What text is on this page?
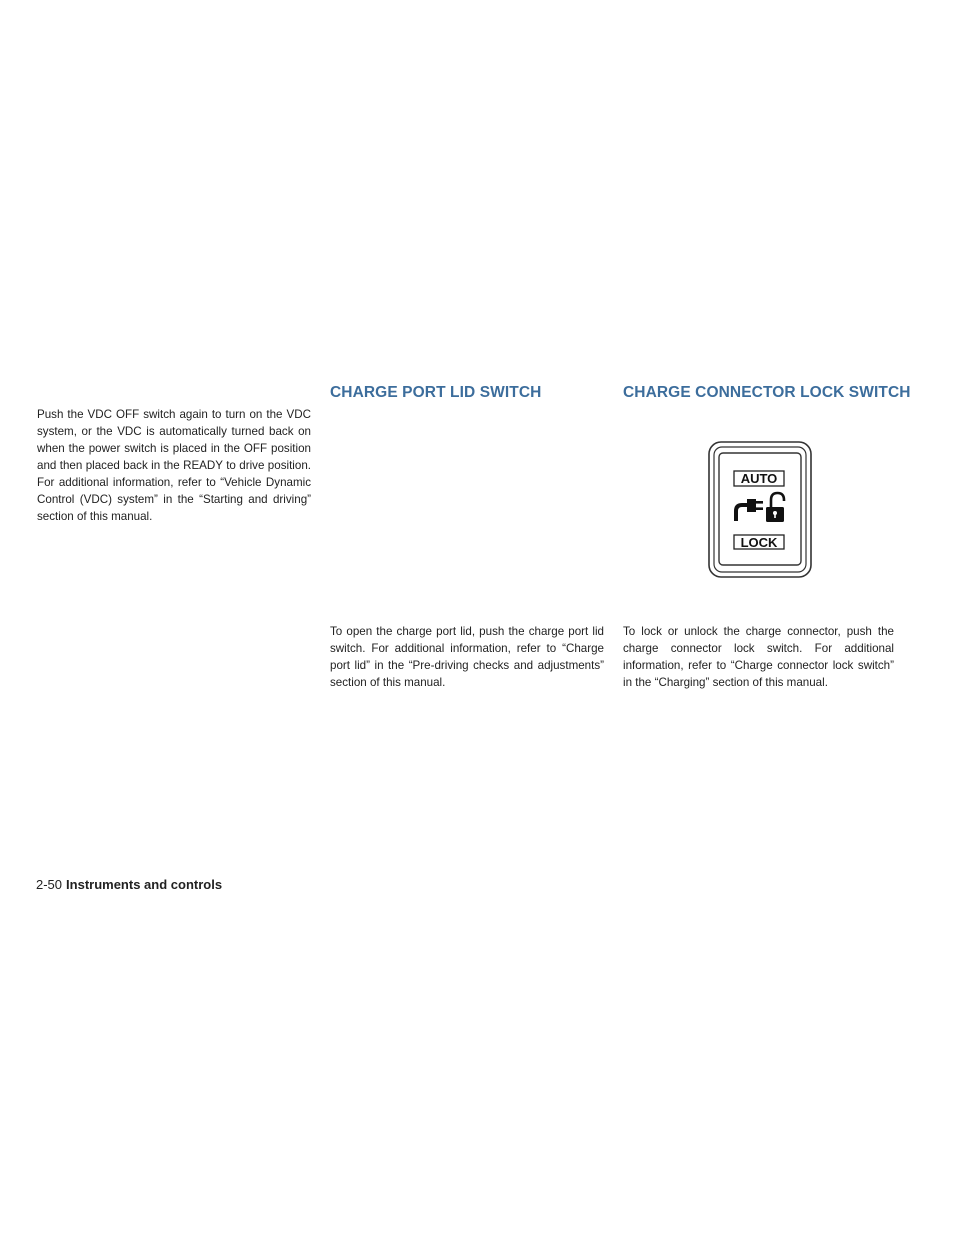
Push the VDC OFF switch again to turn on the VDC system, or the VDC is automatically turned back on when the power switch is placed in the OFF position and then placed back in the READY to drive position. For additional information, refer to “Vehicle Dynamic Control (VDC) system” in the “Starting and driving” section of this manual.

CHARGE PORT LID SWITCH

To open the charge port lid, push the charge port lid switch. For additional information, refer to “Charge port lid” in the “Pre-driving checks and adjustments” section of this manual.

CHARGE CONNECTOR LOCK SWITCH
AUTO
LOCK

To lock or unlock the charge connector, push the charge connector lock switch. For additional information, refer to “Charge connector lock switch” in the “Charging” section of this manual.

2-50 Instruments and controls
